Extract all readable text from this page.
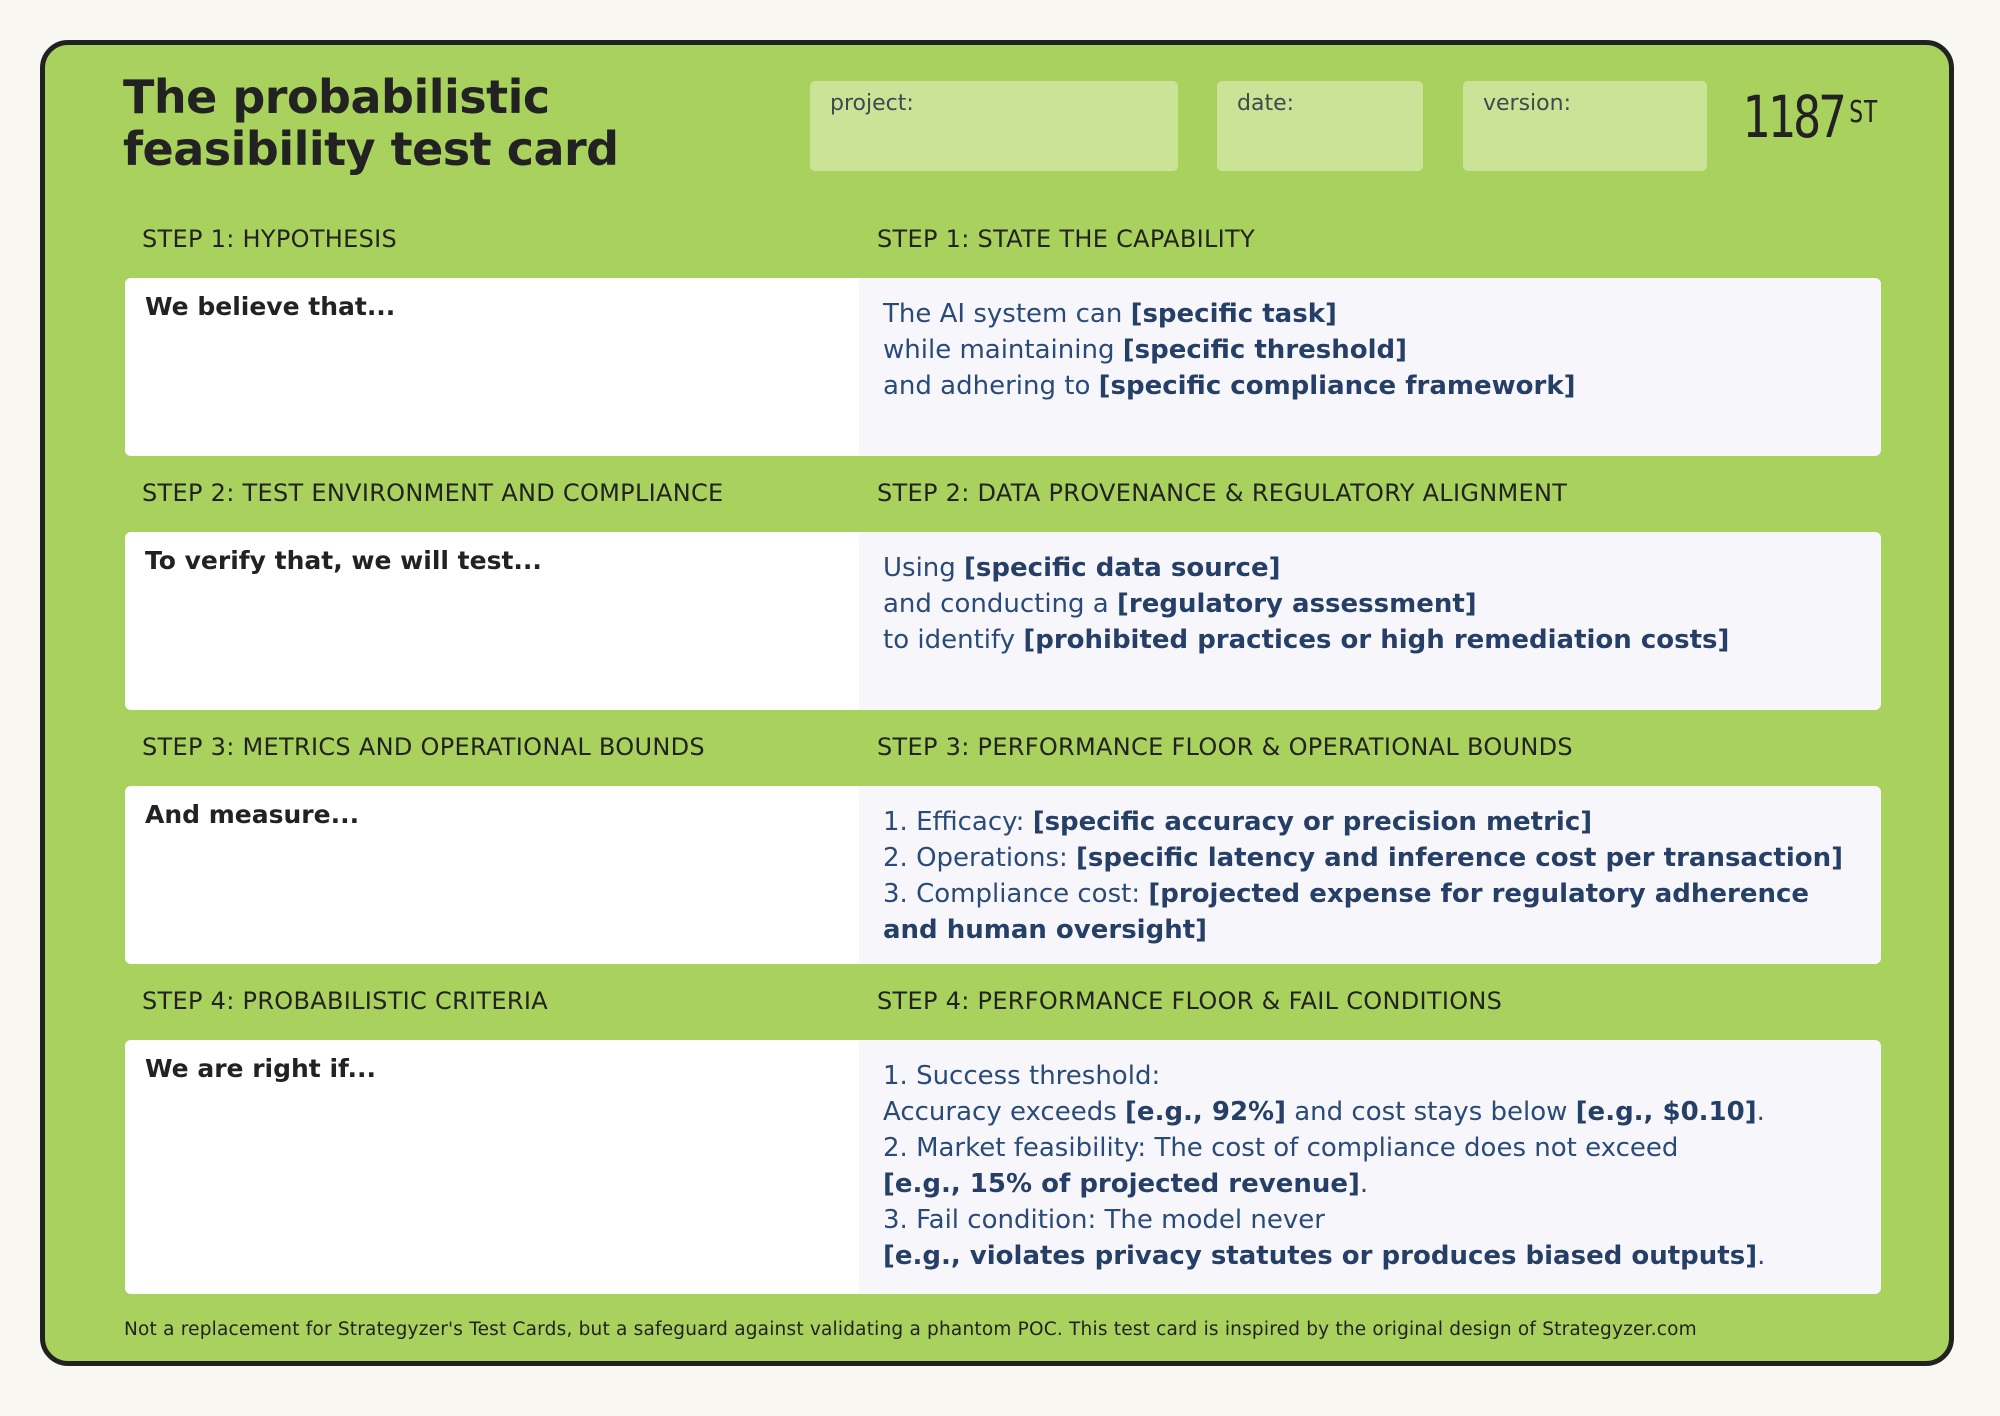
The probabilistic
feasibility test card
project:	date:	version:	1187 $^{ST}$
STEP 1: HYPOTHESIS	STEP 1: STATE THE CAPABILITY
We believe that...	The AI system can [specific task]
while maintaining [specific threshold]
and adhering to [specific compliance framework]
STEP 2: TEST ENVIRONMENT AND COMPLIANCE	STEP 2: DATA PROVENANCE & REGULATORY ALIGNMENT
To verify that, we will test...	Using [specific data source]
and conducting a [regulatory assessment]
to identify [prohibited practices or high remediation costs]
STEP 3: METRICS AND OPERATIONAL BOUNDS	STEP 3: PERFORMANCE FLOOR & OPERATIONAL BOUNDS
And measure...	1. Efficacy: [specific accuracy or precision metric]
2. Operations: [specific latency and inference cost per transaction]
3. Compliance cost: [projected expense for regulatory adherence
and human oversight]
STEP 4: PROBABILISTIC CRITERIA	STEP 4: PERFORMANCE FLOOR & FAIL CONDITIONS
We are right if...	1. Success threshold:
Accuracy exceeds [e.g., 92%] and cost stays below [e.g., $0.10].
2. Market feasibility: The cost of compliance does not exceed
[e.g., 15% of projected revenue].
3. Fail condition: The model never
[e.g., violates privacy statutes or produces biased outputs].
Not a replacement for Strategyzer's Test Cards, but a safeguard against validating a phantom POC. This test card is inspired by the original design of Strategyzer.com
